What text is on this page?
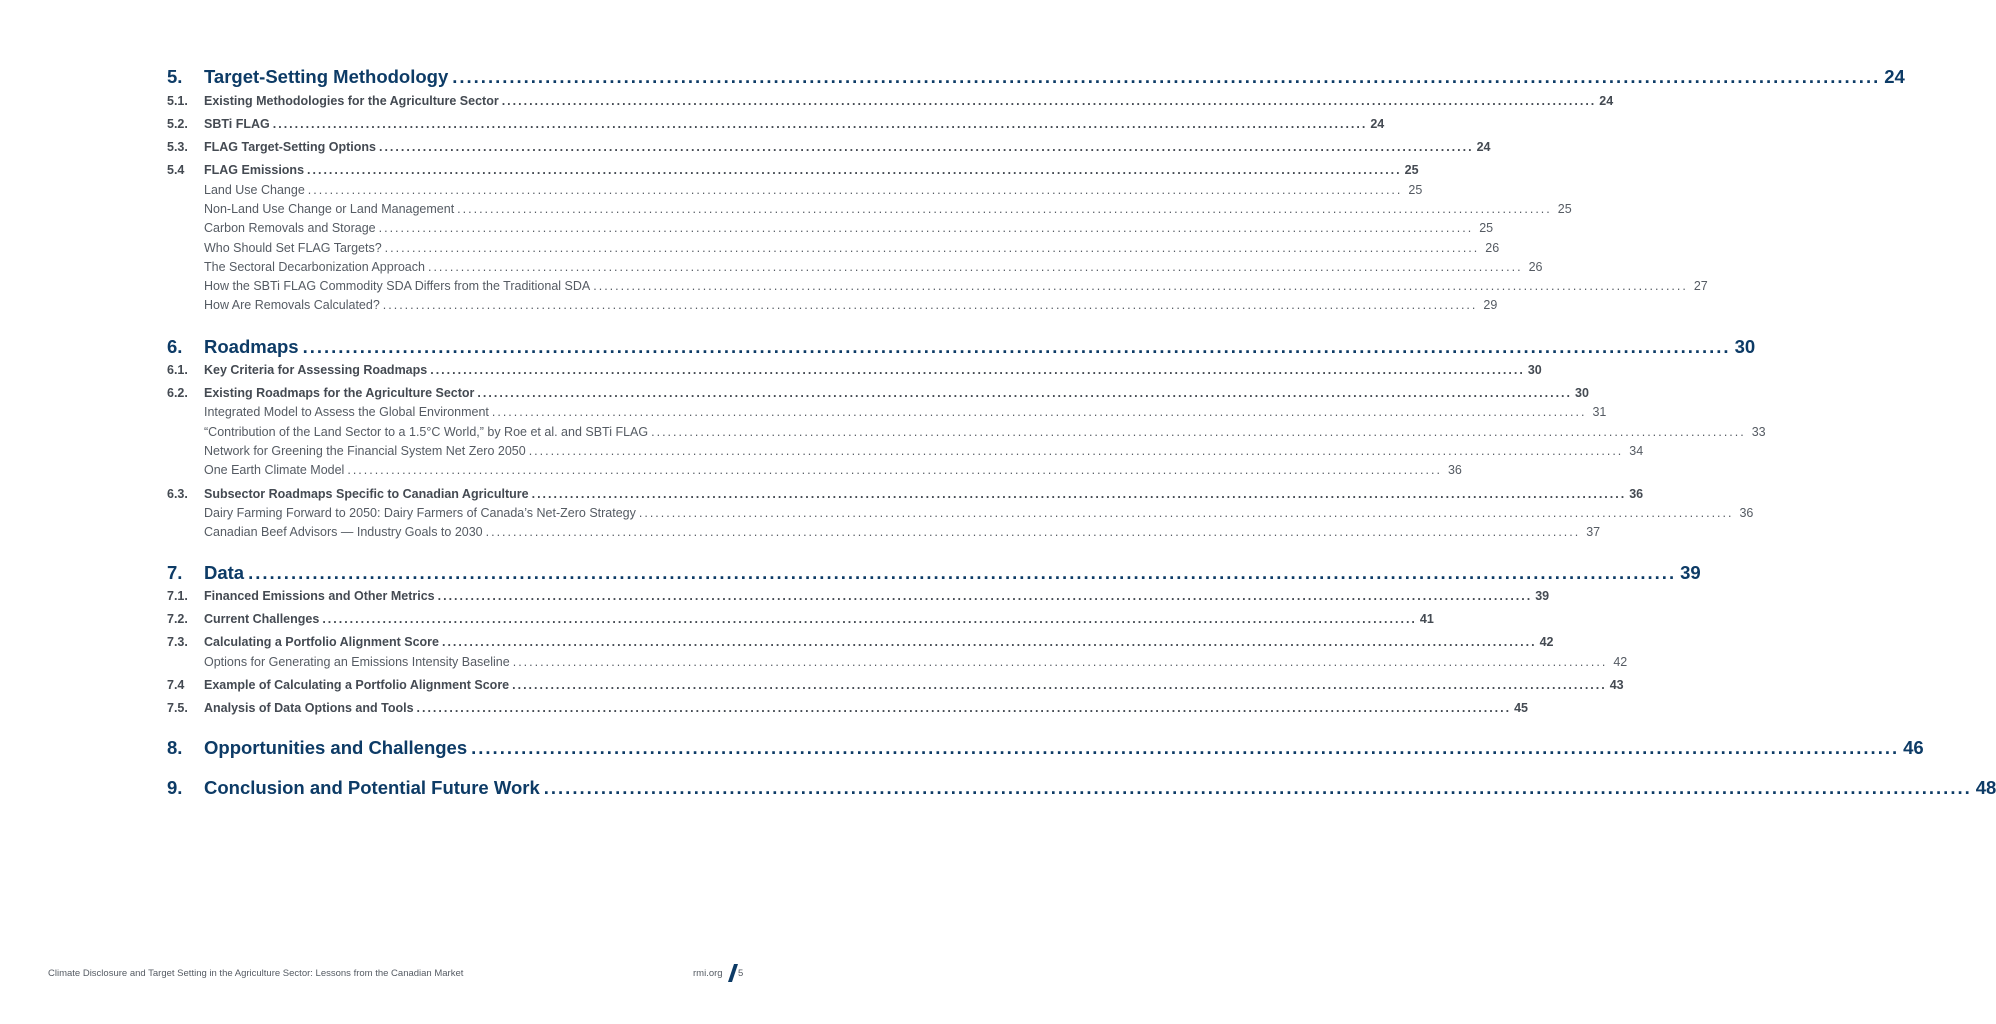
5. Target-Setting Methodology ........................................................................................................................................................................................................ 24
5.1. Existing Methodologies for the Agriculture Sector ........................................................................................................................................................................................................ 24
5.2. SBTi FLAG ........................................................................................................................................................................................................ 24
5.3. FLAG Target-Setting Options ........................................................................................................................................................................................................ 24
5.4 FLAG Emissions ........................................................................................................................................................................................................ 25
Land Use Change ........................................................................................................................................................................................................ 25
Non-Land Use Change or Land Management ........................................................................................................................................................................................................ 25
Carbon Removals and Storage ........................................................................................................................................................................................................ 25
Who Should Set FLAG Targets? ........................................................................................................................................................................................................ 26
The Sectoral Decarbonization Approach ........................................................................................................................................................................................................ 26
How the SBTi FLAG Commodity SDA Differs from the Traditional SDA ........................................................................................................................................................................................................ 27
How Are Removals Calculated? ........................................................................................................................................................................................................ 29
6. Roadmaps ........................................................................................................................................................................................................ 30
6.1. Key Criteria for Assessing Roadmaps ........................................................................................................................................................................................................ 30
6.2. Existing Roadmaps for the Agriculture Sector ........................................................................................................................................................................................................ 30
Integrated Model to Assess the Global Environment ........................................................................................................................................................................................................ 31
“Contribution of the Land Sector to a 1.5°C World,” by Roe et al. and SBTi FLAG ........................................................................................................................................................................................................ 33
Network for Greening the Financial System Net Zero 2050 ........................................................................................................................................................................................................ 34
One Earth Climate Model ........................................................................................................................................................................................................ 36
6.3. Subsector Roadmaps Specific to Canadian Agriculture ........................................................................................................................................................................................................ 36
Dairy Farming Forward to 2050: Dairy Farmers of Canada’s Net-Zero Strategy ........................................................................................................................................................................................................ 36
Canadian Beef Advisors — Industry Goals to 2030 ........................................................................................................................................................................................................ 37
7. Data ........................................................................................................................................................................................................ 39
7.1. Financed Emissions and Other Metrics ........................................................................................................................................................................................................ 39
7.2. Current Challenges ........................................................................................................................................................................................................ 41
7.3. Calculating a Portfolio Alignment Score ........................................................................................................................................................................................................ 42
Options for Generating an Emissions Intensity Baseline ........................................................................................................................................................................................................ 42
7.4 Example of Calculating a Portfolio Alignment Score ........................................................................................................................................................................................................ 43
7.5. Analysis of Data Options and Tools ........................................................................................................................................................................................................ 45
8. Opportunities and Challenges ........................................................................................................................................................................................................ 46
9. Conclusion and Potential Future Work ........................................................................................................................................................................................................ 48
Climate Disclosure and Target Setting in the Agriculture Sector: Lessons from the Canadian Market	rmi.org 5
